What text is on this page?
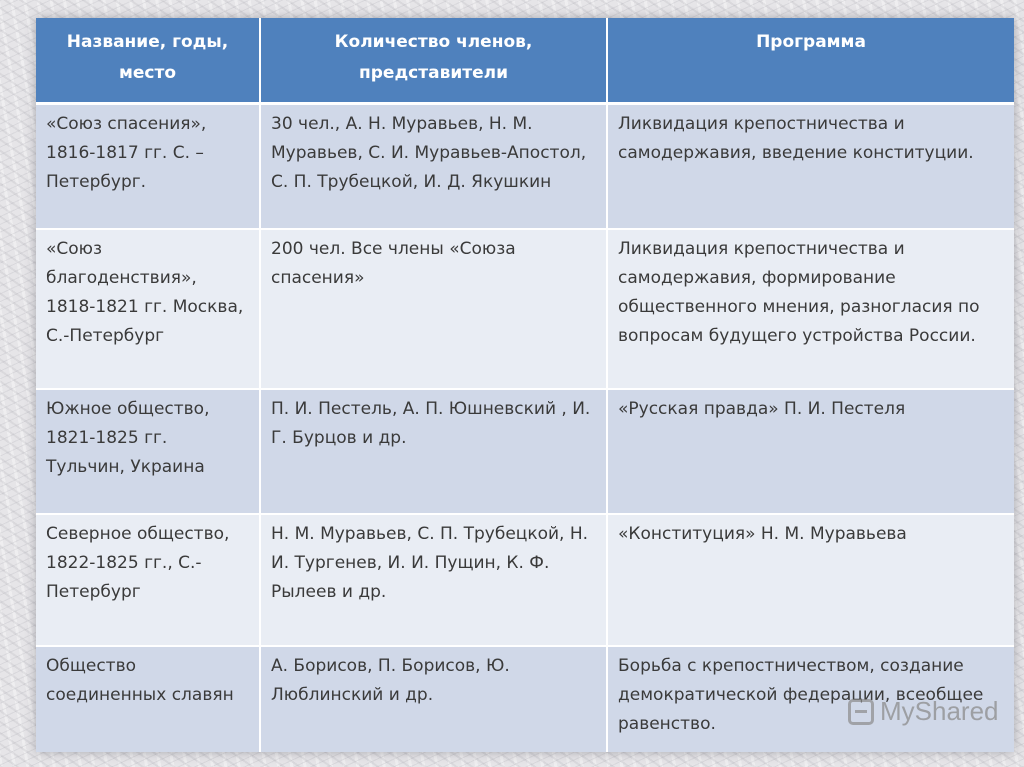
Название, годы, место	Количество членов, представители	Программа
«Союз спасения», 1816-1817 гг. С. – Петербург.	30 чел., А. Н. Муравьев, Н. М. Муравьев, С. И. Муравьев-Апостол, С. П. Трубецкой, И. Д. Якушкин	Ликвидация крепостничества и самодержавия, введение конституции.
«Союз благоденствия», 1818-1821 гг. Москва, С.-Петербург	200 чел. Все члены «Союза спасения»	Ликвидация крепостничества и самодержавия, формирование общественного мнения, разногласия по вопросам будущего устройства России.
Южное общество, 1821-1825 гг. Тульчин, Украина	П. И. Пестель, А. П. Юшневский , И. Г. Бурцов и др.	«Русская правда» П. И. Пестеля
Северное общество, 1822-1825 гг., С.-Петербург	Н. М. Муравьев, С. П. Трубецкой, Н. И. Тургенев, И. И. Пущин, К. Ф. Рылеев и др.	«Конституция» Н. М. Муравьева
Общество соединенных славян	А. Борисов, П. Борисов, Ю. Люблинский и др.	Борьба с крепостничеством, создание демократической федерации, всеобщее равенство.	MyShared
